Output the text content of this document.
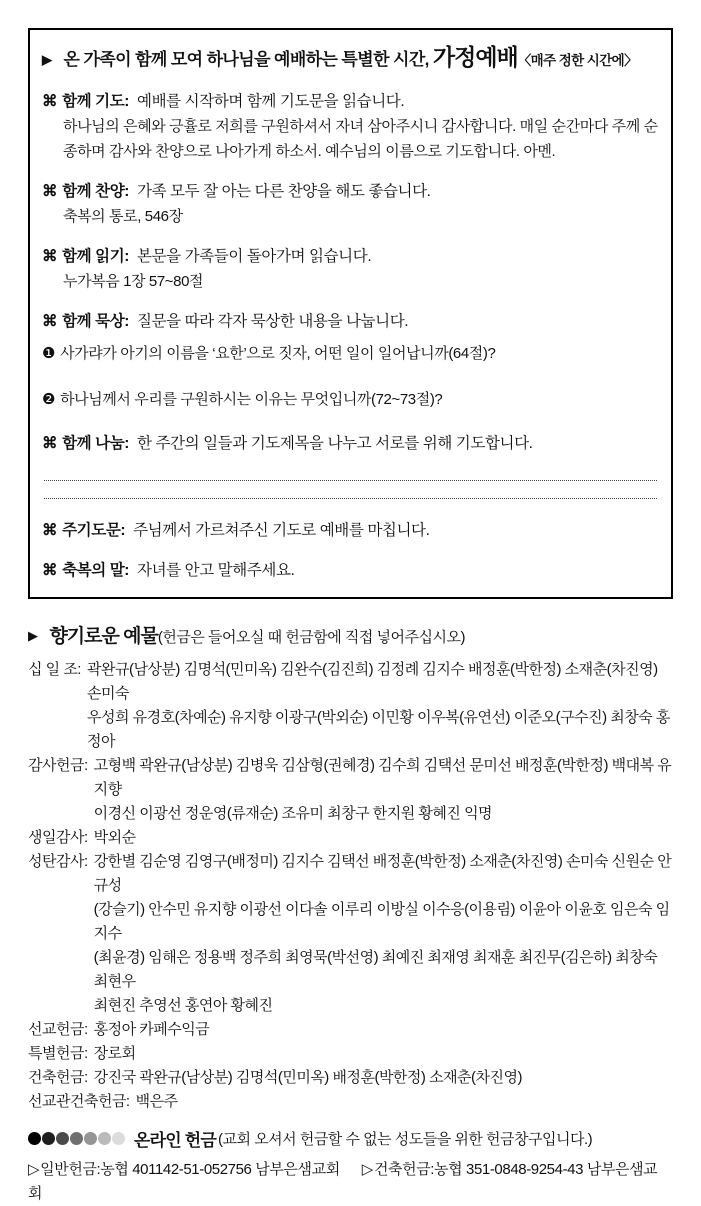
▶ 온 가족이 함께 모여 하나님을 예배하는 특별한 시간, 가정예배〈매주 정한 시간에〉
⌘ 함께 기도: 예배를 시작하며 함께 기도문을 읽습니다.
하나님의 은혜와 긍휼로 저희를 구원하셔서 자녀 삼아주시니 감사합니다. 매일 순간마다 주께 순종하며 감사와 찬양으로 나아가게 하소서. 예수님의 이름으로 기도합니다. 아멘.
⌘ 함께 찬양: 가족 모두 잘 아는 다른 찬양을 해도 좋습니다.
축복의 통로, 546장
⌘ 함께 읽기: 본문을 가족들이 돌아가며 읽습니다.
누가복음 1장 57~80절
⌘ 함께 묵상: 질문을 따라 각자 묵상한 내용을 나눕니다.
❶ 사가랴가 아기의 이름을 ‘요한’으로 짓자, 어떤 일이 일어납니까(64절)?
❷ 하나님께서 우리를 구원하시는 이유는 무엇입니까(72~73절)?
⌘ 함께 나눔: 한 주간의 일들과 기도제목을 나누고 서로를 위해 기도합니다.
⌘ 주기도문: 주님께서 가르쳐주신 기도로 예배를 마칩니다.
⌘ 축복의 말: 자녀를 안고 말해주세요.
▶ 향기로운 예물(헌금은 들어오실 때 헌금함에 직접 넣어주십시오)
십 일 조: 곽완규(남상분) 김명석(민미옥) 김완수(김진희) 김정례 김지수 배정훈(박한정) 소재춘(차진영) 손미숙
우성희 유경호(차예순) 유지향 이광구(박외순) 이민황 이우복(유연선) 이준오(구수진) 최창숙 홍정아
감사헌금: 고형백 곽완규(남상분) 김병욱 김삼형(권혜경) 김수희 김택선 문미선 배정훈(박한정) 백대복 유지향
이경신 이광선 정운영(류재순) 조유미 최창구 한지원 황혜진 익명
생일감사: 박외순
성탄감사: 강한별 김순영 김영구(배정미) 김지수 김택선 배정훈(박한정) 소재춘(차진영) 손미숙 신원순 안규성
(강슬기) 안수민 유지향 이광선 이다솔 이루리 이방실 이수응(이용림) 이윤아 이윤호 임은숙 임지수
(최윤경) 임해은 정용백 정주희 최영묵(박선영) 최예진 최재영 최재훈 최진무(김은하) 최창숙 최현우
최현진 추영선 홍연아 황혜진
선교헌금: 홍정아 카페수익금
특별헌금: 장로회
건축헌금: 강진국 곽완규(남상분) 김명석(민미옥) 배정훈(박한정) 소재춘(차진영)
선교관건축헌금: 백은주
온라인 헌금 (교회 오셔서 헌금할 수 없는 성도들을 위한 헌금창구입니다.)
▷일반헌금:농협 401142-51-052756 남부은샘교회 ▷건축헌금:농협 351-0848-9254-43 남부은샘교회
